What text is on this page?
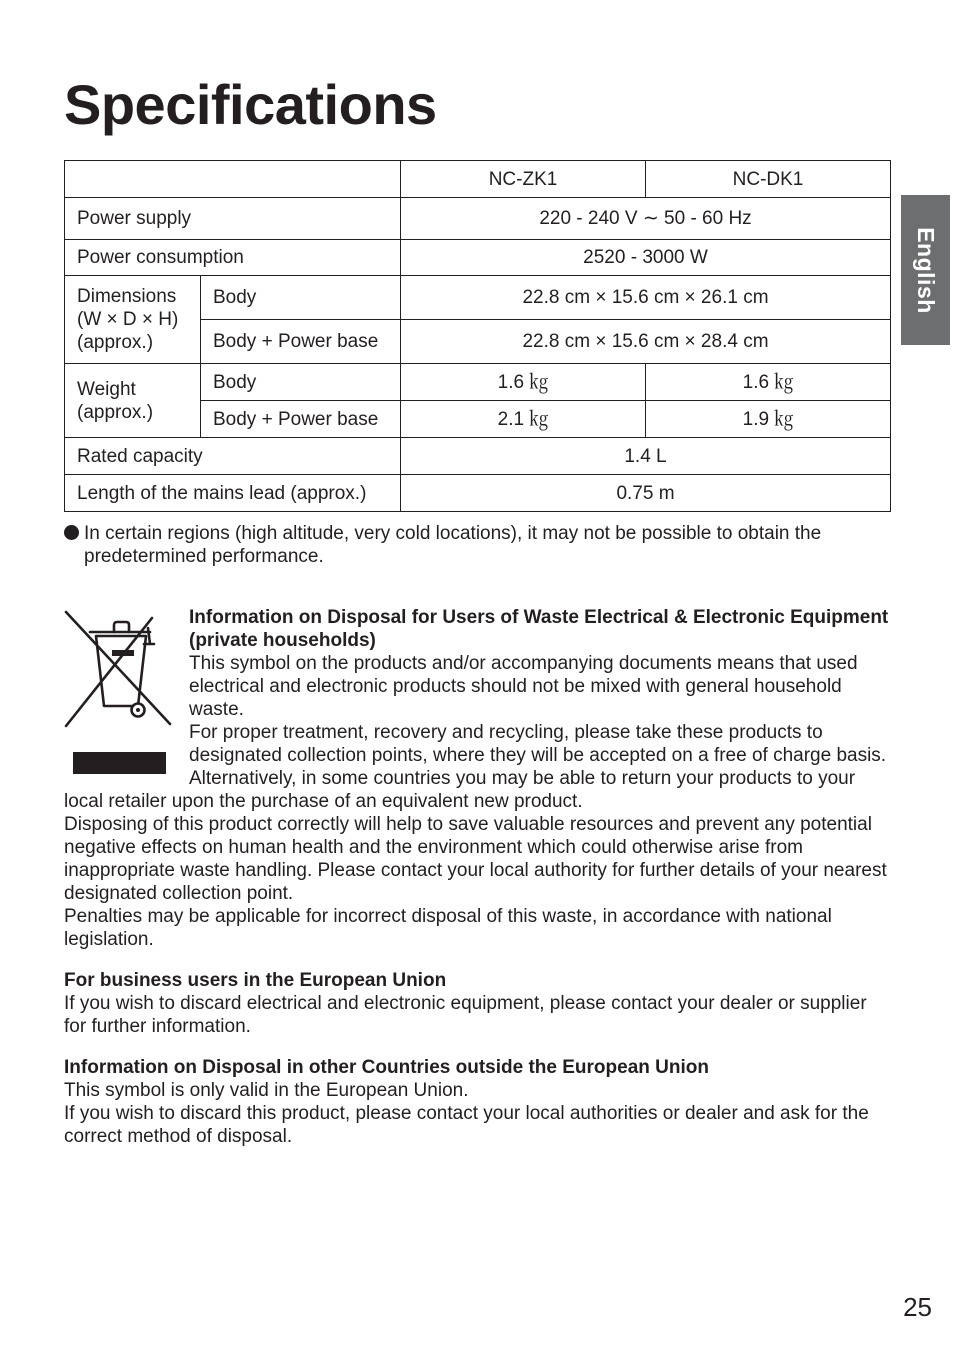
Specifications
		NC-ZK1	NC-DK1
Power supply		220 - 240 V ∼ 50 - 60 Hz	
Power consumption		2520 - 3000 W	

Dimensions
(W × D × H)
(approx.)	Body	22.8 cm × 15.6 cm × 26.1 cm	
	Body + Power base	22.8 cm × 15.6 cm × 28.4 cm	

Weight
(approx.)	Body	1.6 ㎏	1.6 ㎏
	Body + Power base	2.1 ㎏	1.9 ㎏
Rated capacity		1.4 L	
Length of the mains lead (approx.)		0.75 m	
In certain regions (high altitude, very cold locations), it may not be possible to obtain the predetermined performance.

Information on Disposal for Users of Waste Electrical & Electronic Equipment (private households)

This symbol on the products and/or accompanying documents means that used electrical and electronic products should not be mixed with general household waste.

For proper treatment, recovery and recycling, please take these products to designated collection points, where they will be accepted on a free of charge basis. Alternatively, in some countries you may be able to return your products to your local retailer upon the purchase of an equivalent new product.

Disposing of this product correctly will help to save valuable resources and prevent any potential negative effects on human health and the environment which could otherwise arise from inappropriate waste handling. Please contact your local authority for further details of your nearest designated collection point.

Penalties may be applicable for incorrect disposal of this waste, in accordance with national legislation.

For business users in the European Union

If you wish to discard electrical and electronic equipment, please contact your dealer or supplier for further information.

Information on Disposal in other Countries outside the European Union

This symbol is only valid in the European Union.

If you wish to discard this product, please contact your local authorities or dealer and ask for the correct method of disposal.

English
25
